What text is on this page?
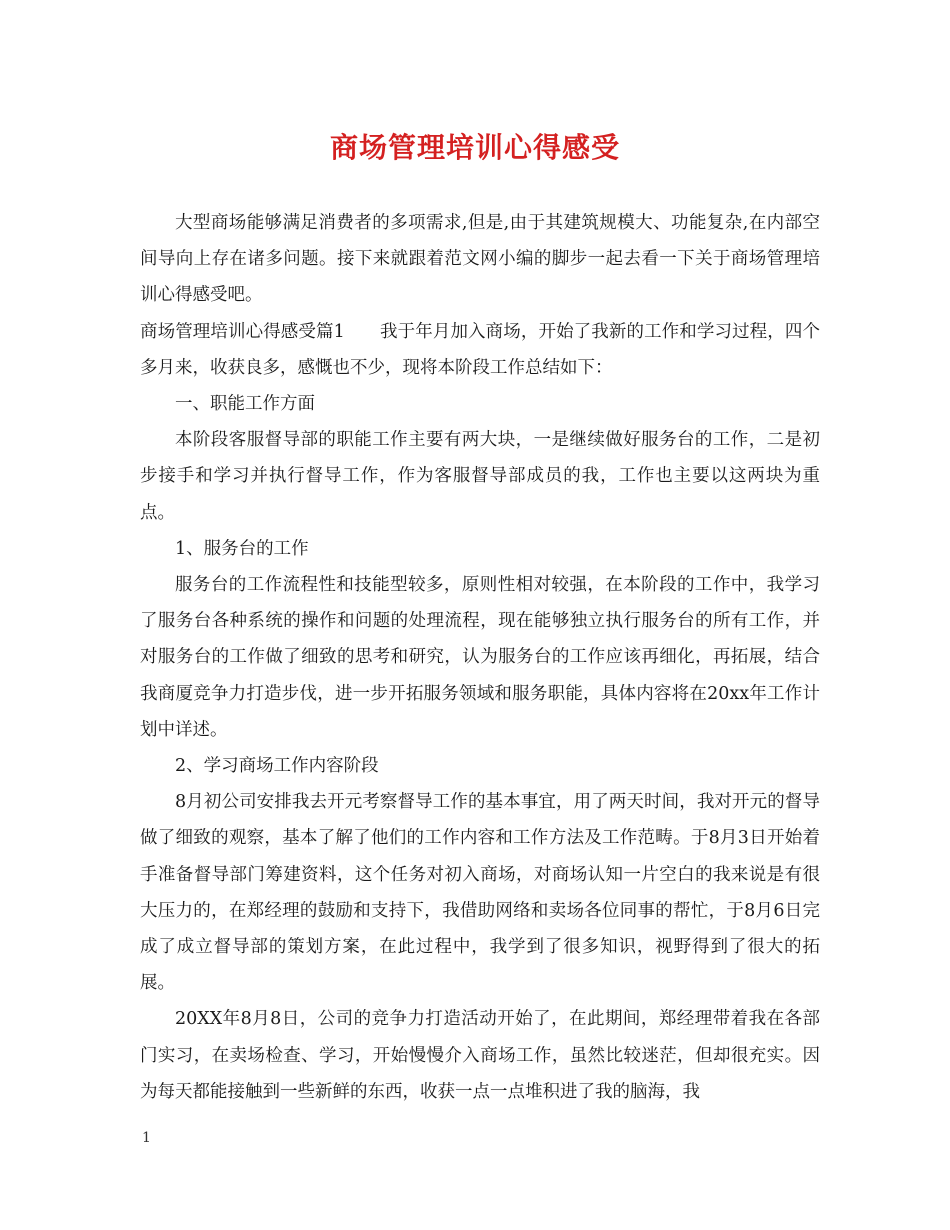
商场管理培训心得感受

大型商场能够满足消费者的多项需求,但是,由于其建筑规模大、功能复杂,在内部空间导向上存在诸多问题。接下来就跟着范文网小编的脚步一起去看一下关于商场管理培训心得感受吧。

商场管理培训心得感受篇1　　我于年月加入商场，开始了我新的工作和学习过程，四个多月来，收获良多，感慨也不少，现将本阶段工作总结如下：

一、职能工作方面

本阶段客服督导部的职能工作主要有两大块，一是继续做好服务台的工作，二是初步接手和学习并执行督导工作，作为客服督导部成员的我，工作也主要以这两块为重点。

1、服务台的工作

服务台的工作流程性和技能型较多，原则性相对较强，在本阶段的工作中，我学习了服务台各种系统的操作和问题的处理流程，现在能够独立执行服务台的所有工作，并对服务台的工作做了细致的思考和研究，认为服务台的工作应该再细化，再拓展，结合我商厦竞争力打造步伐，进一步开拓服务领域和服务职能，具体内容将在20xx年工作计划中详述。

2、学习商场工作内容阶段

8月初公司安排我去开元考察督导工作的基本事宜，用了两天时间，我对开元的督导做了细致的观察，基本了解了他们的工作内容和工作方法及工作范畴。于8月3日开始着手准备督导部门筹建资料，这个任务对初入商场，对商场认知一片空白的我来说是有很大压力的，在郑经理的鼓励和支持下，我借助网络和卖场各位同事的帮忙，于8月6日完成了成立督导部的策划方案，在此过程中，我学到了很多知识，视野得到了很大的拓展。

20XX年8月8日，公司的竞争力打造活动开始了，在此期间，郑经理带着我在各部门实习，在卖场检查、学习，开始慢慢介入商场工作，虽然比较迷茫，但却很充实。因为每天都能接触到一些新鲜的东西，收获一点一点堆积进了我的脑海，我

1
